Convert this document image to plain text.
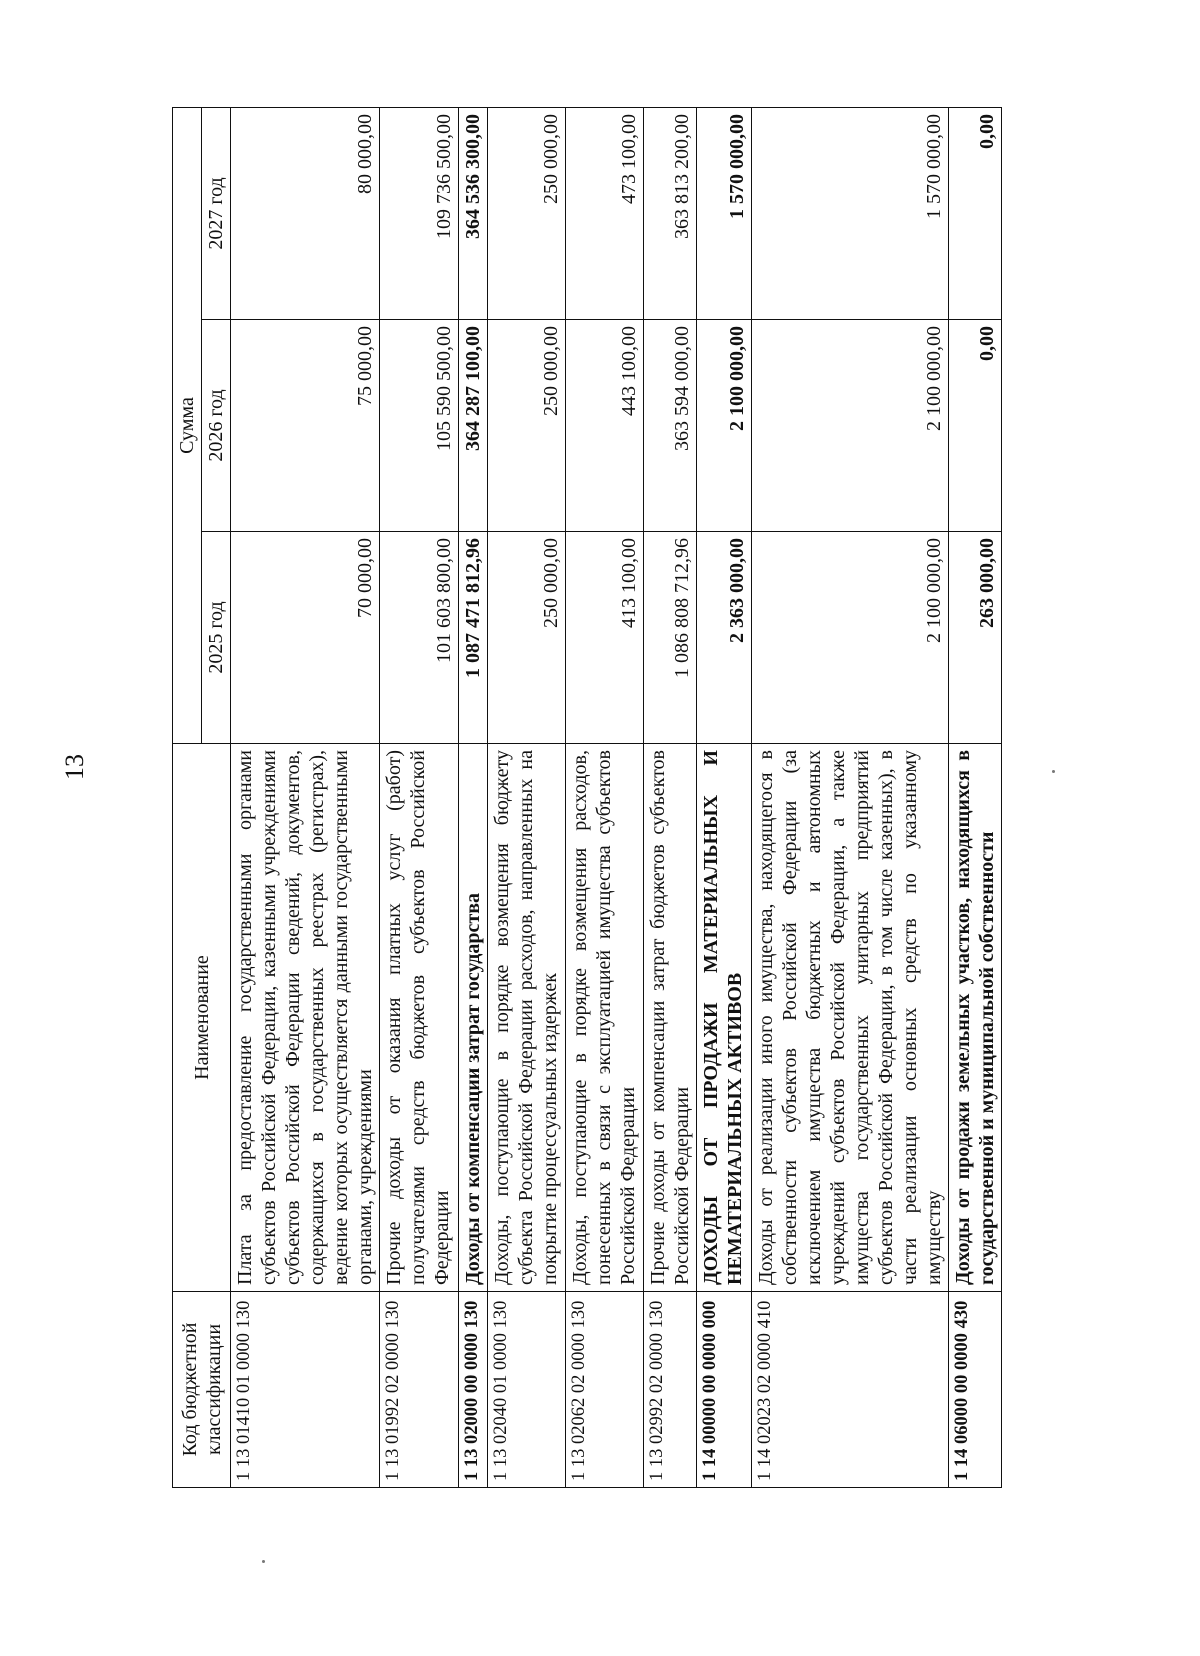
13
Код бюджетной классификации	Наименование	Сумма		
		2025 год	2026 год	2027 год
1 13 01410 01 0000 130	Плата за предоставление государственными органами субъектов Российской Федерации, казенными учреждениями субъектов Российской Федерации сведений, документов, содержащихся в государственных реестрах (регистрах), ведение которых осуществляется данными государственными органами, учреждениями	70 000,00	75 000,00	80 000,00
1 13 01992 02 0000 130	Прочие доходы от оказания платных услуг (работ) получателями средств бюджетов субъектов Российской Федерации	101 603 800,00	105 590 500,00	109 736 500,00
1 13 02000 00 0000 130	Доходы от компенсации затрат государства	1 087 471 812,96	364 287 100,00	364 536 300,00
1 13 02040 01 0000 130	Доходы, поступающие в порядке возмещения бюджету субъекта Российской Федерации расходов, направленных на покрытие процессуальных издержек	250 000,00	250 000,00	250 000,00
1 13 02062 02 0000 130	Доходы, поступающие в порядке возмещения расходов, понесенных в связи с эксплуатацией имущества субъектов Российской Федерации	413 100,00	443 100,00	473 100,00
1 13 02992 02 0000 130	Прочие доходы от компенсации затрат бюджетов субъектов Российской Федерации	1 086 808 712,96	363 594 000,00	363 813 200,00
1 14 00000 00 0000 000	ДОХОДЫ ОТ ПРОДАЖИ МАТЕРИАЛЬНЫХ И НЕМАТЕРИАЛЬНЫХ АКТИВОВ	2 363 000,00	2 100 000,00	1 570 000,00
1 14 02023 02 0000 410	Доходы от реализации иного имущества, находящегося в собственности субъектов Российской Федерации (за исключением имущества бюджетных и автономных учреждений субъектов Российской Федерации, а также имущества государственных унитарных предприятий субъектов Российской Федерации, в том числе казенных), в части реализации основных средств по указанному имуществу	2 100 000,00	2 100 000,00	1 570 000,00
1 14 06000 00 0000 430	Доходы от продажи земельных участков, находящихся в государственной и муниципальной собственности	263 000,00	0,00	0,00
